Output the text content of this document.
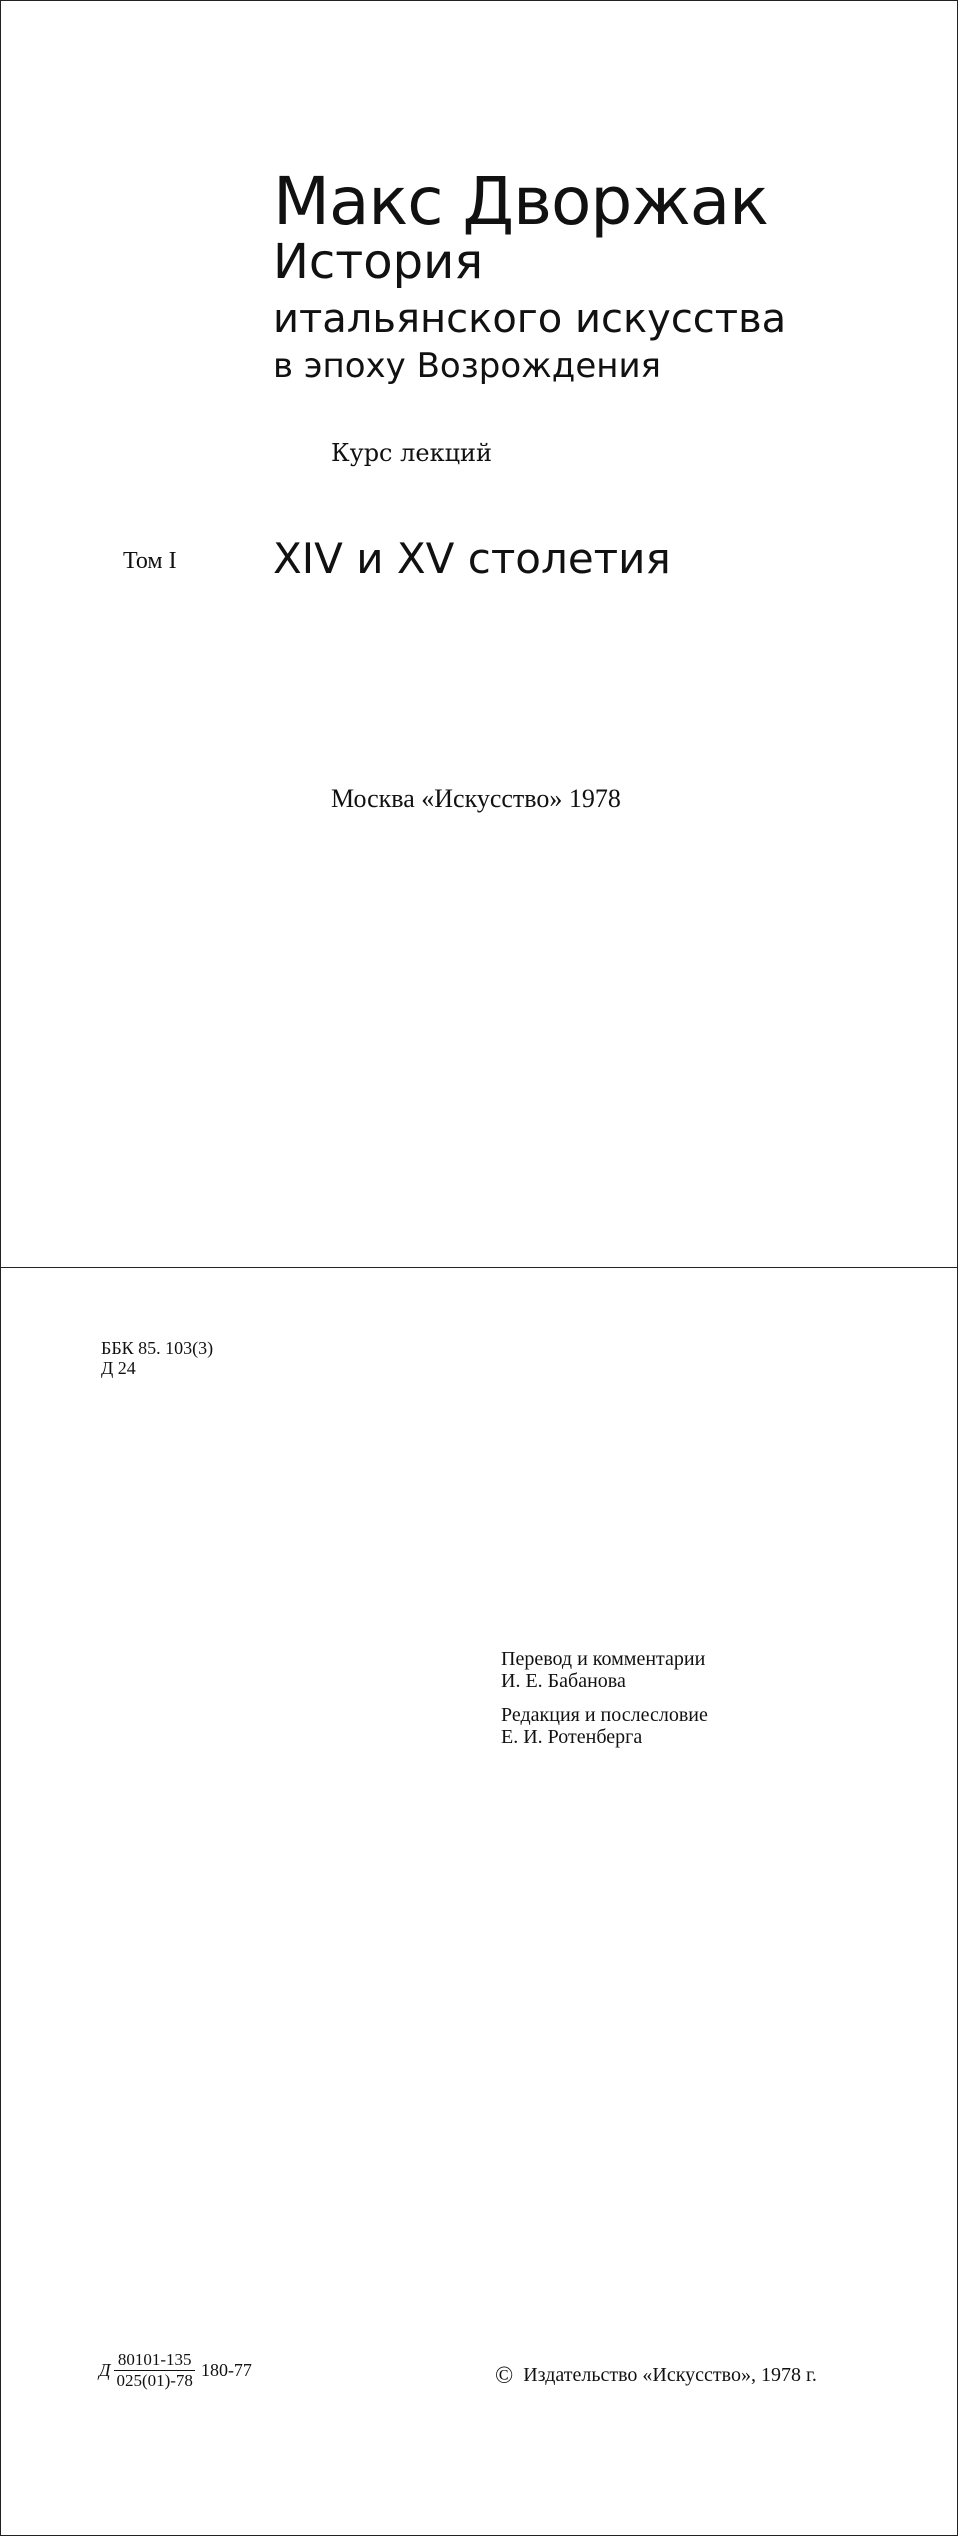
Макс Дворжак
История
итальянского искусства
в эпоху Возрождения
Курс лекций
Том I XIV и XV столетия
Москва «Искусство» 1978
ББК 85. 103(3)
Д 24
Перевод и комментарии
И. Е. Бабанова
Редакция и послесловие
Е. И. Ротенберга
Д $\frac{80101-135}{025(01)-78} 180-77$	© Издательство «Искусство», 1978 г.
